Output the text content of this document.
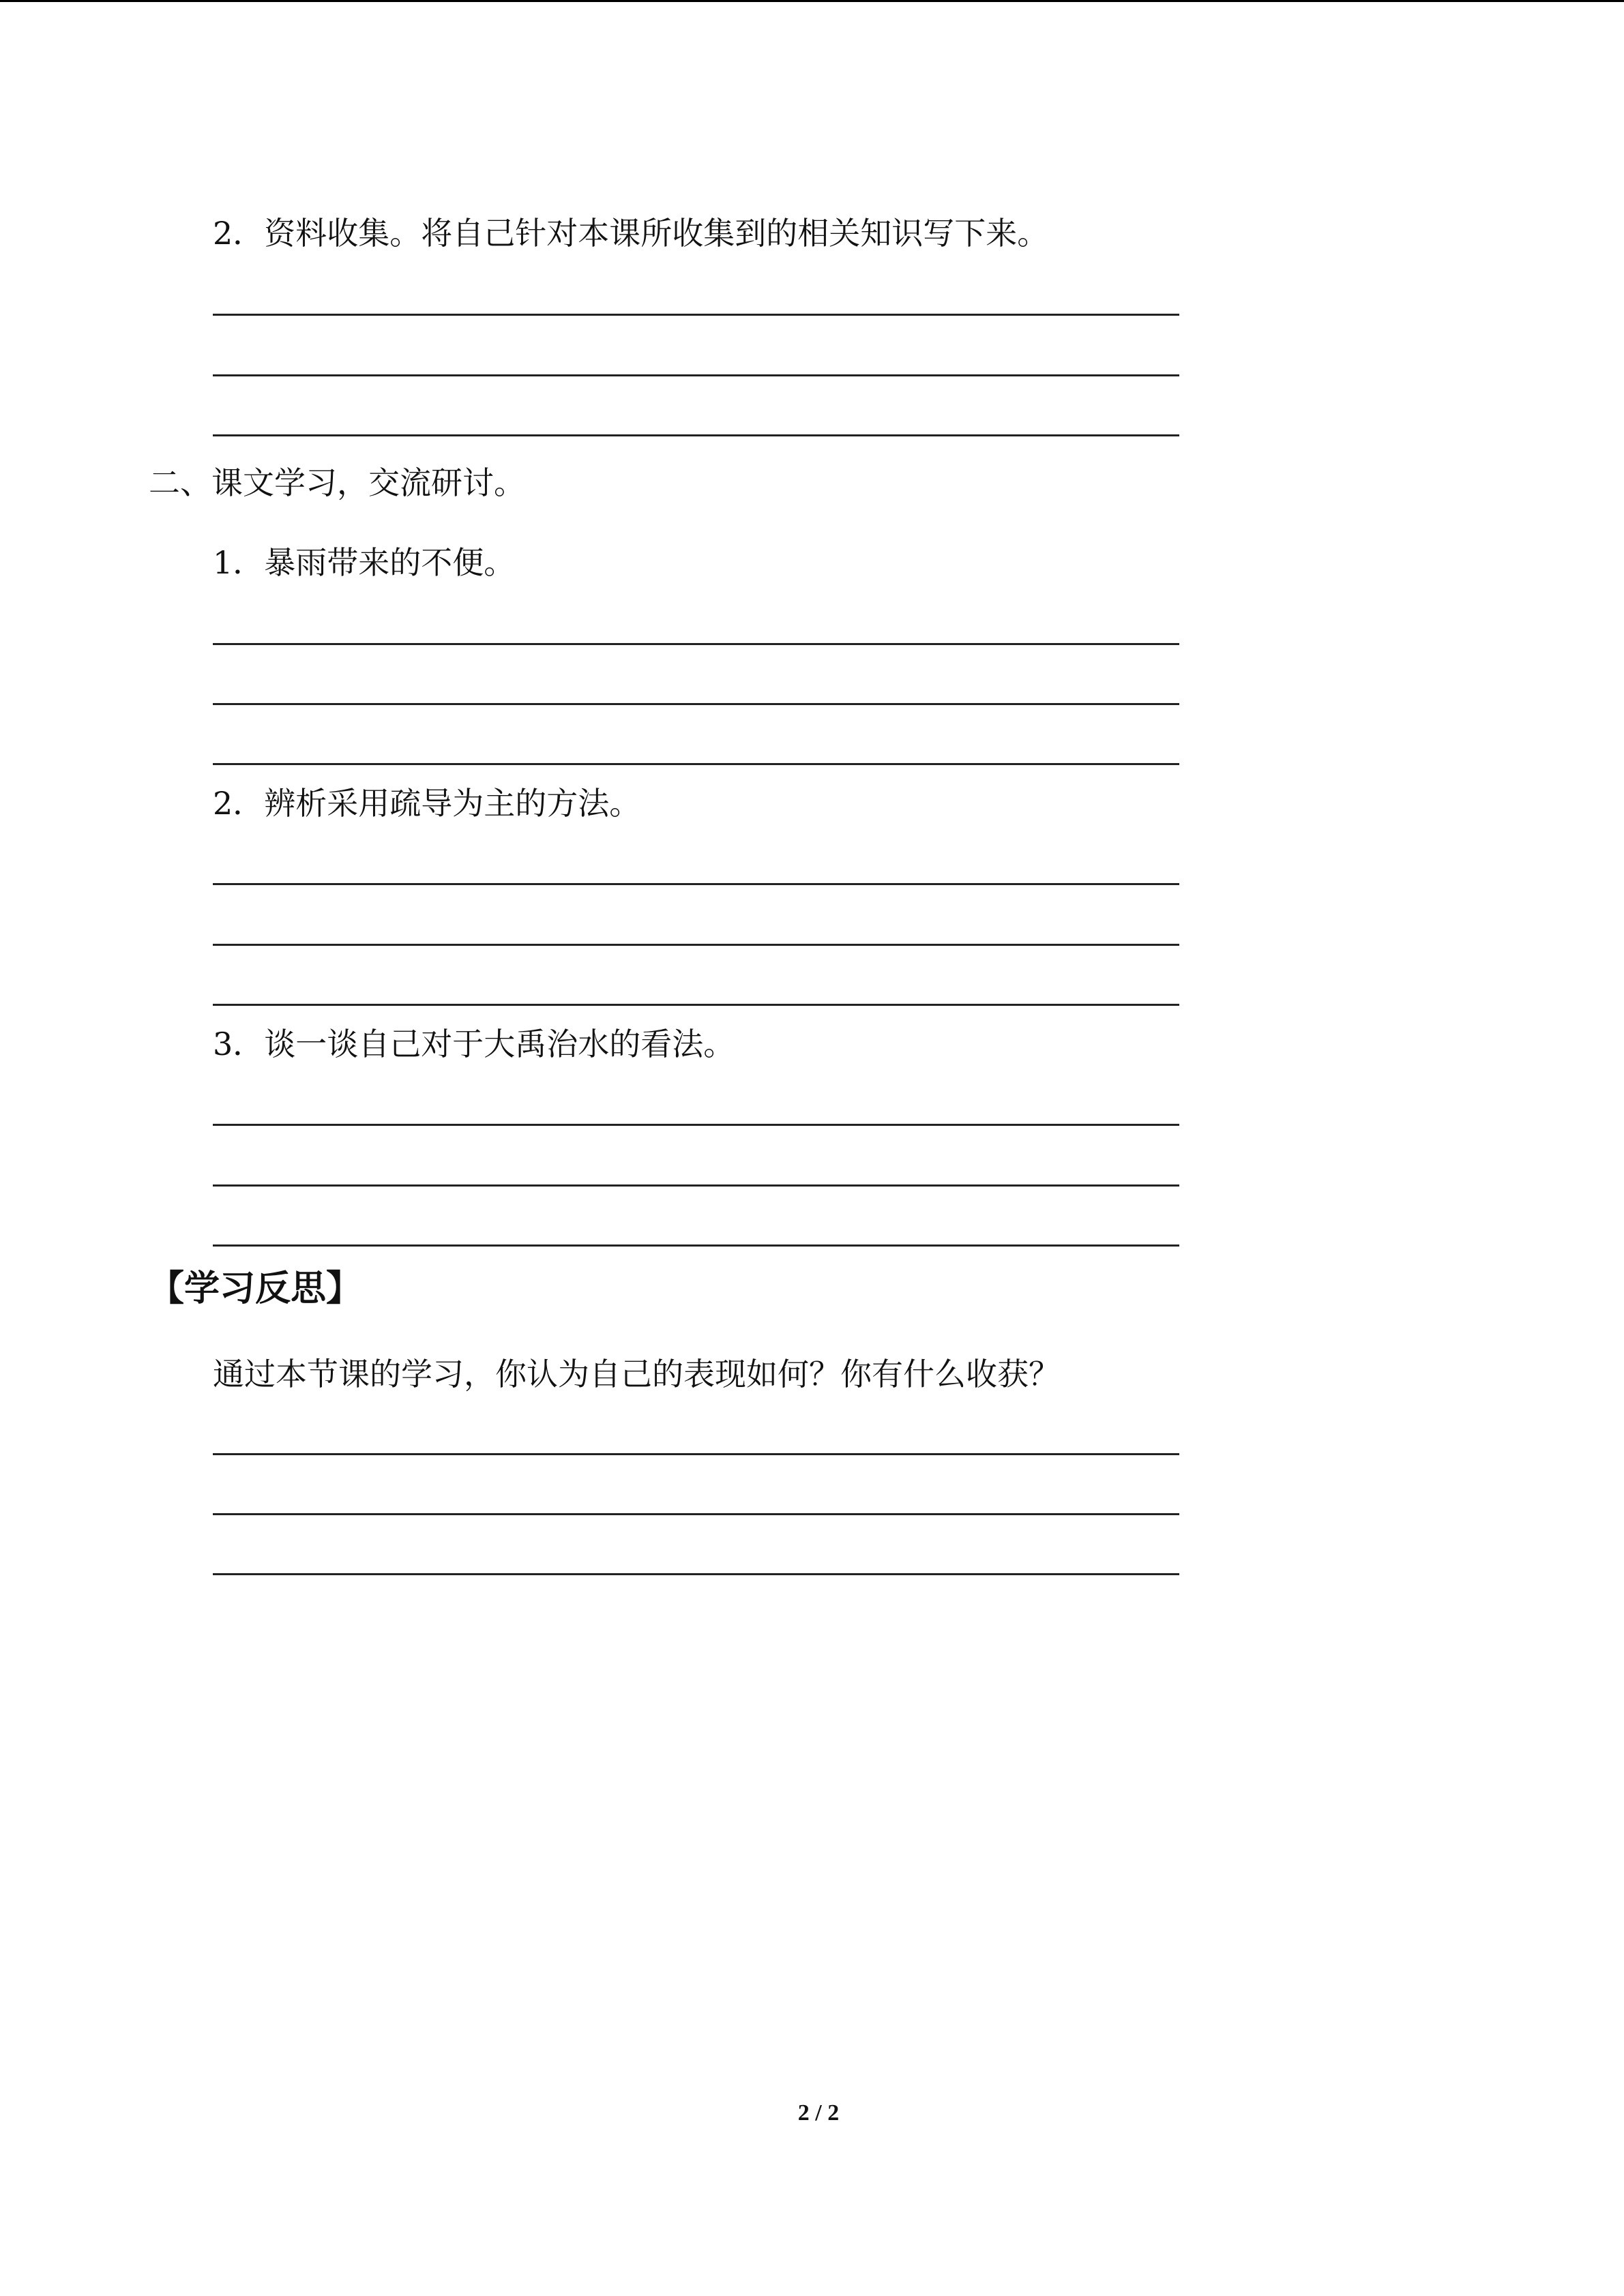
2．资料收集。将自己针对本课所收集到的相关知识写下来。
二、课文学习，交流研讨。
1．暴雨带来的不便。
2．辨析采用疏导为主的方法。
3．谈一谈自己对于大禹治水的看法。
【学习反思】
通过本节课的学习，你认为自己的表现如何？你有什么收获？
2 / 2
